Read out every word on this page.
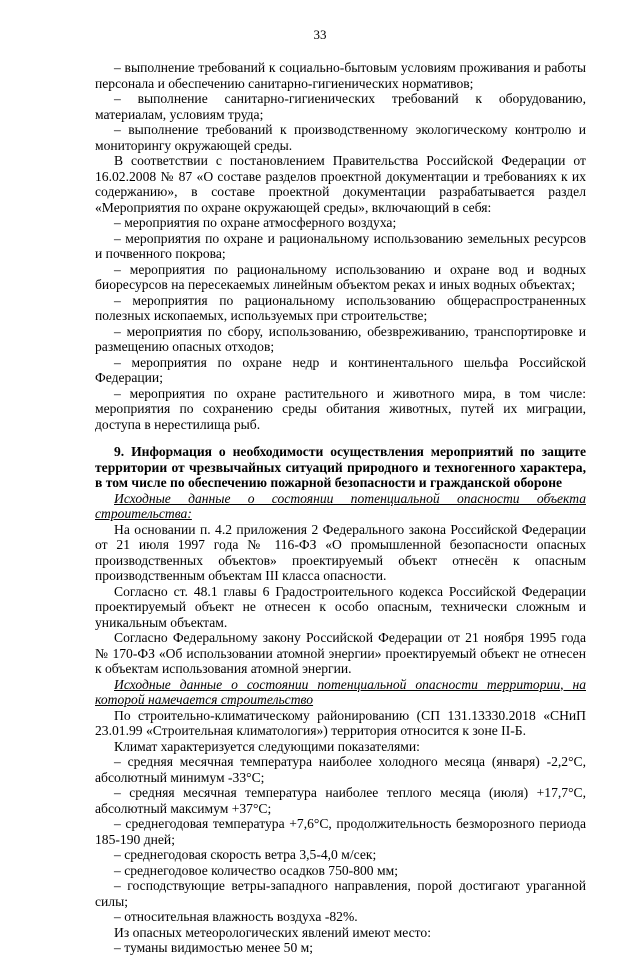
33

– выполнение требований к социально-бытовым условиям проживания и работы персонала и обеспечению санитарно-гигиенических нормативов;

– выполнение санитарно-гигиенических требований к оборудованию, материалам, условиям труда;

– выполнение требований к производственному экологическому контролю и мониторингу окружающей среды.

В соответствии с постановлением Правительства Российской Федерации от 16.02.2008 № 87 «О составе разделов проектной документации и требованиях к их содержанию», в составе проектной документации разрабатывается раздел «Мероприятия по охране окружающей среды», включающий в себя:

– мероприятия по охране атмосферного воздуха;

– мероприятия по охране и рациональному использованию земельных ресурсов и почвенного покрова;

– мероприятия по рациональному использованию и охране вод и водных биоресурсов на пересекаемых линейным объектом реках и иных водных объектах;

– мероприятия по рациональному использованию общераспространенных полезных ископаемых, используемых при строительстве;

– мероприятия по сбору, использованию, обезвреживанию, транспортировке и размещению опасных отходов;

– мероприятия по охране недр и континентального шельфа Российской Федерации;

– мероприятия по охране растительного и животного мира, в том числе: мероприятия по сохранению среды обитания животных, путей их миграции, доступа в нерестилища рыб.

9. Информация о необходимости осуществления мероприятий по защите территории от чрезвычайных ситуаций природного и техногенного характера, в том числе по обеспечению пожарной безопасности и гражданской обороне

Исходные данные о состоянии потенциальной опасности объекта строительства:

На основании п. 4.2 приложения 2 Федерального закона Российской Федерации от 21 июля 1997 года № 116-ФЗ «О промышленной безопасности опасных производственных объектов» проектируемый объект отнесён к опасным производственным объектам III класса опасности.

Согласно ст. 48.1 главы 6 Градостроительного кодекса Российской Федерации проектируемый объект не отнесен к особо опасным, технически сложным и уникальным объектам.

Согласно Федеральному закону Российской Федерации от 21 ноября 1995 года № 170-ФЗ «Об использовании атомной энергии» проектируемый объект не отнесен к объектам использования атомной энергии.

Исходные данные о состоянии потенциальной опасности территории, на которой намечается строительство

По строительно-климатическому районированию (СП 131.13330.2018 «СНиП 23.01.99 «Строительная климатология») территория относится к зоне II-Б.

Климат характеризуется следующими показателями:

– средняя месячная температура наиболее холодного месяца (января) -2,2°С, абсолютный минимум -33°С;

– средняя месячная температура наиболее теплого месяца (июля) +17,7°С, абсолютный максимум +37°С;

– среднегодовая температура +7,6°С, продолжительность безморозного периода 185-190 дней;

– среднегодовая скорость ветра 3,5-4,0 м/сек;

– среднегодовое количество осадков 750-800 мм;

– господствующие ветры-западного направления, порой достигают ураганной силы;

– относительная влажность воздуха -82%.

Из опасных метеорологических явлений имеют место:

– туманы видимостью менее 50 м;
